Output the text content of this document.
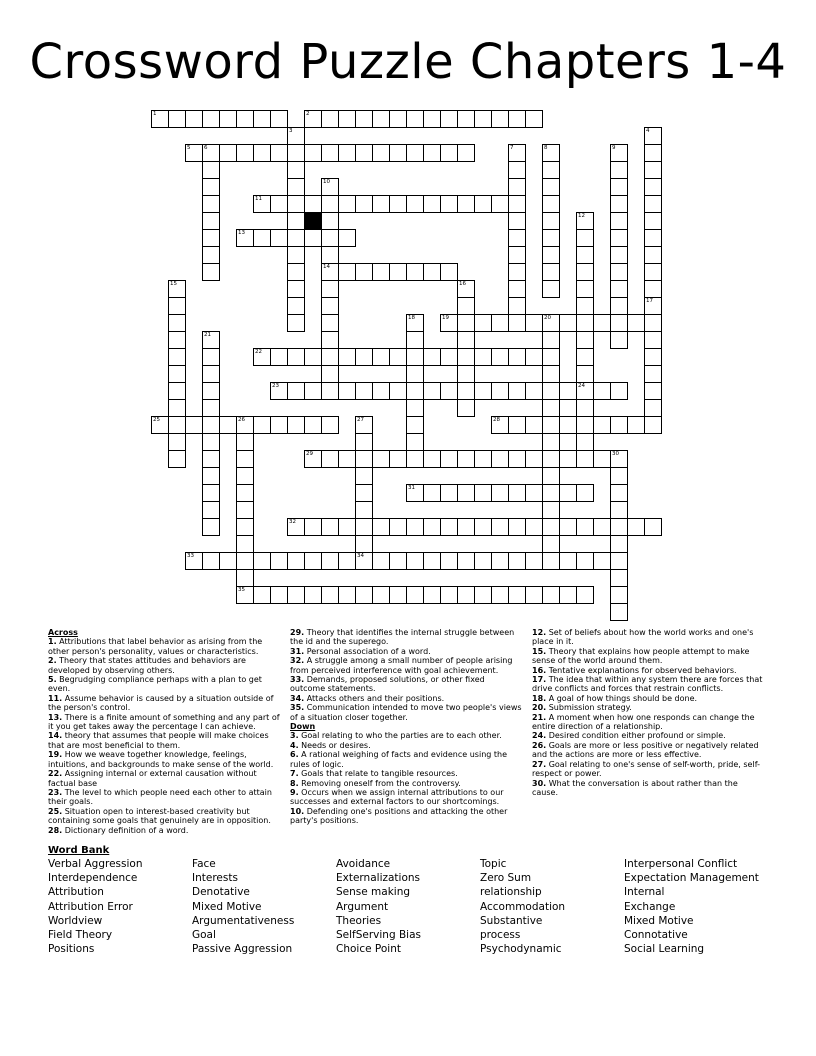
Crossword Puzzle Chapters 1-4
1	2
3	4
5 6	7	8	9
10
11
12
13
14
15	16
17
18	19	20
21
22
23	24
25	26	27	28
29	30
31
32
33	34
35
Across
1. Attributions that label behavior as arising from the other person's personality, values or characteristics.
2. Theory that states attitudes and behaviors are developed by observing others.
5. Begrudging compliance perhaps with a plan to get even.
11. Assume behavior is caused by a situation outside of the person's control.
13. There is a finite amount of something and any part of it you get takes away the percentage I can achieve.
14. theory that assumes that people will make choices that are most beneficial to them.
19. How we weave together knowledge, feelings, intuitions, and backgrounds to make sense of the world.
22. Assigning internal or external causation without factual base
23. The level to which people need each other to attain their goals.
25. Situation open to interest-based creativity but containing some goals that genuinely are in opposition.
28. Dictionary definition of a word.
29. Theory that identifies the internal struggle between the id and the superego.
31. Personal association of a word.
32. A struggle among a small number of people arising from perceived interference with goal achievement.
33. Demands, proposed solutions, or other fixed outcome statements.
34. Attacks others and their positions.
35. Communication intended to move two people's views of a situation closer together.
Down
3. Goal relating to who the parties are to each other.
4. Needs or desires.
6. A rational weighing of facts and evidence using the rules of logic.
7. Goals that relate to tangible resources.
8. Removing oneself from the controversy.
9. Occurs when we assign internal attributions to our successes and external factors to our shortcomings.
10. Defending one's positions and attacking the other party's positions.
12. Set of beliefs about how the world works and one's place in it.
15. Theory that explains how people attempt to make sense of the world around them.
16. Tentative explanations for observed behaviors.
17. The idea that within any system there are forces that drive conflicts and forces that restrain conflicts.
18. A goal of how things should be done.
20. Submission strategy.
21. A moment when how one responds can change the entire direction of a relationship.
24. Desired condition either profound or simple.
26. Goals are more or less positive or negatively related and the actions are more or less effective.
27. Goal relating to one's sense of self-worth, pride, self-respect or power.
30. What the conversation is about rather than the cause.
Word Bank
Verbal Aggression	Face	Avoidance	Topic	Interpersonal Conflict
Interdependence	Interests	Externalizations	Zero Sum	Expectation Management
Attribution	Denotative	Sense making	relationship	Internal
Attribution Error	Mixed Motive	Argument	Accommodation	Exchange
Worldview	Argumentativeness	Theories	Substantive	Mixed Motive
Field Theory	Goal	SelfServing Bias	process	Connotative
Positions	Passive Aggression	Choice Point	Psychodynamic	Social Learning
